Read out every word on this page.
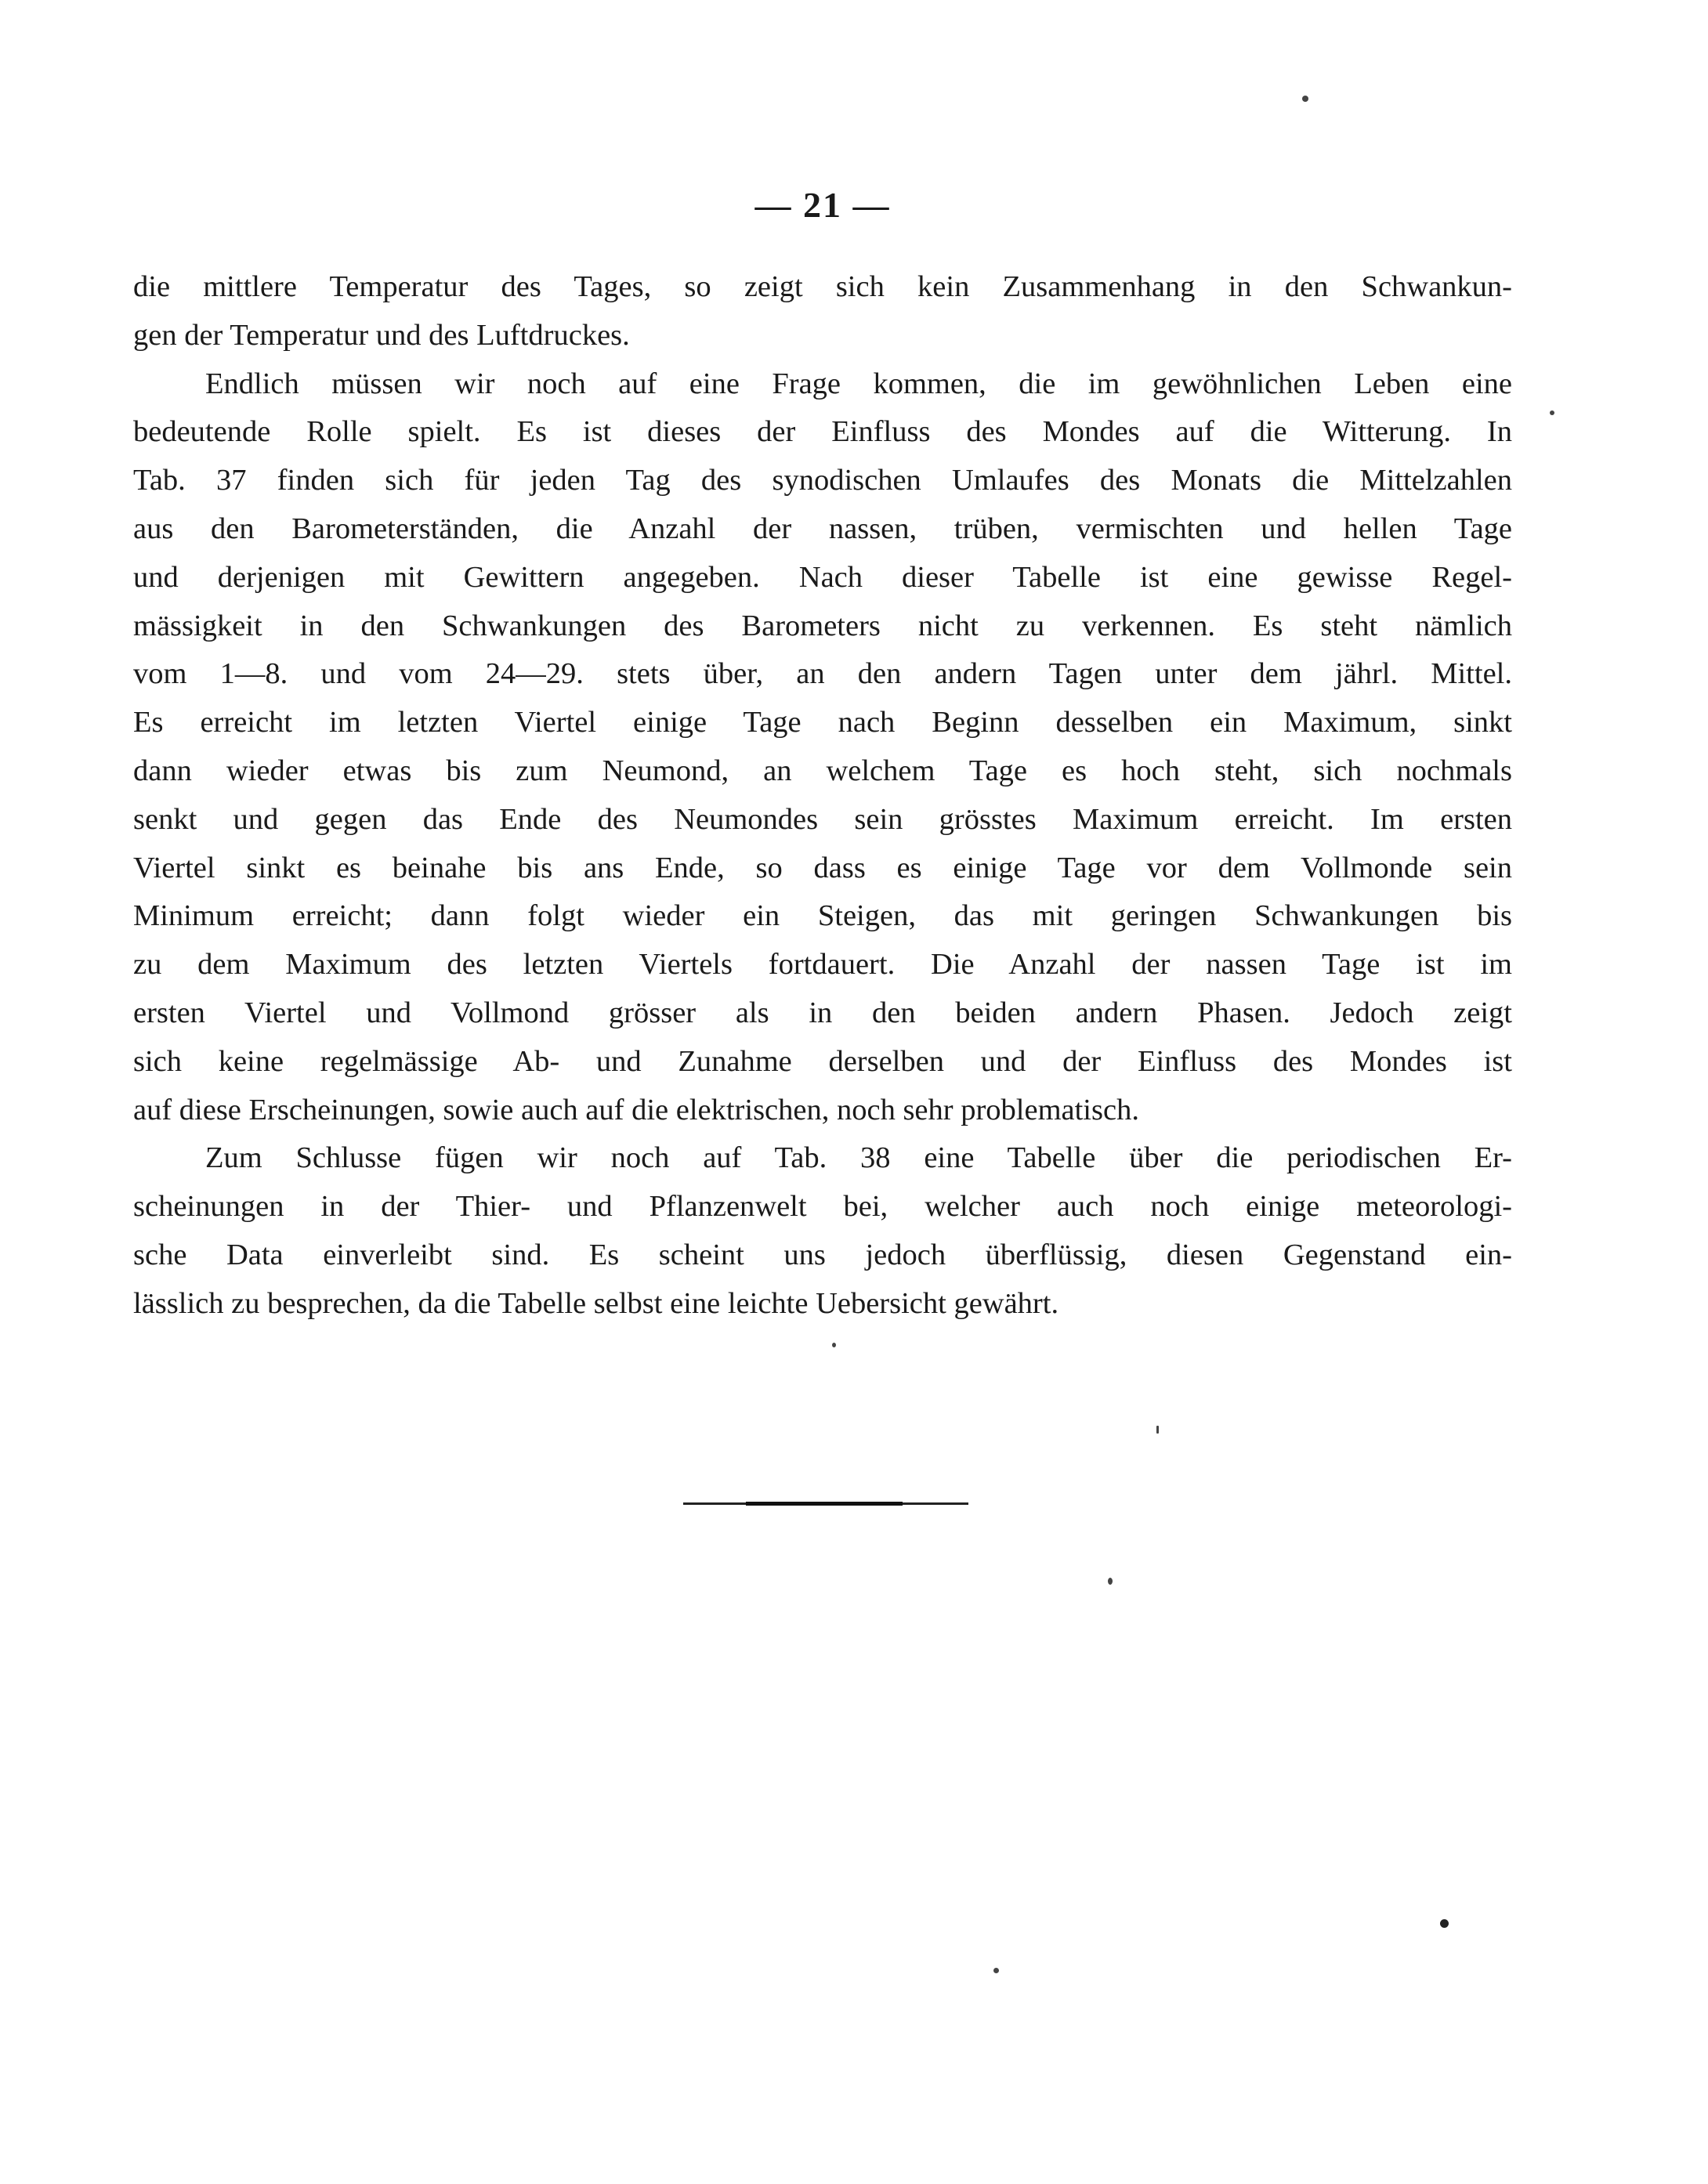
— 21 —
die mittlere Temperatur des Tages, so zeigt sich kein Zusammenhang in den Schwankun-
gen der Temperatur und des Luftdruckes.
Endlich müssen wir noch auf eine Frage kommen, die im gewöhnlichen Leben eine
bedeutende Rolle spielt. Es ist dieses der Einfluss des Mondes auf die Witterung. In
Tab. 37 finden sich für jeden Tag des synodischen Umlaufes des Monats die Mittelzahlen
aus den Barometerständen, die Anzahl der nassen, trüben, vermischten und hellen Tage
und derjenigen mit Gewittern angegeben. Nach dieser Tabelle ist eine gewisse Regel-
mässigkeit in den Schwankungen des Barometers nicht zu verkennen. Es steht nämlich
vom 1—8. und vom 24—29. stets über, an den andern Tagen unter dem jährl. Mittel.
Es erreicht im letzten Viertel einige Tage nach Beginn desselben ein Maximum, sinkt
dann wieder etwas bis zum Neumond, an welchem Tage es hoch steht, sich nochmals
senkt und gegen das Ende des Neumondes sein grösstes Maximum erreicht. Im ersten
Viertel sinkt es beinahe bis ans Ende, so dass es einige Tage vor dem Vollmonde sein
Minimum erreicht; dann folgt wieder ein Steigen, das mit geringen Schwankungen bis
zu dem Maximum des letzten Viertels fortdauert. Die Anzahl der nassen Tage ist im
ersten Viertel und Vollmond grösser als in den beiden andern Phasen. Jedoch zeigt
sich keine regelmässige Ab- und Zunahme derselben und der Einfluss des Mondes ist
auf diese Erscheinungen, sowie auch auf die elektrischen, noch sehr problematisch.
Zum Schlusse fügen wir noch auf Tab. 38 eine Tabelle über die periodischen Er-
scheinungen in der Thier- und Pflanzenwelt bei, welcher auch noch einige meteorologi-
sche Data einverleibt sind. Es scheint uns jedoch überflüssig, diesen Gegenstand ein-
lässlich zu besprechen, da die Tabelle selbst eine leichte Uebersicht gewährt.
